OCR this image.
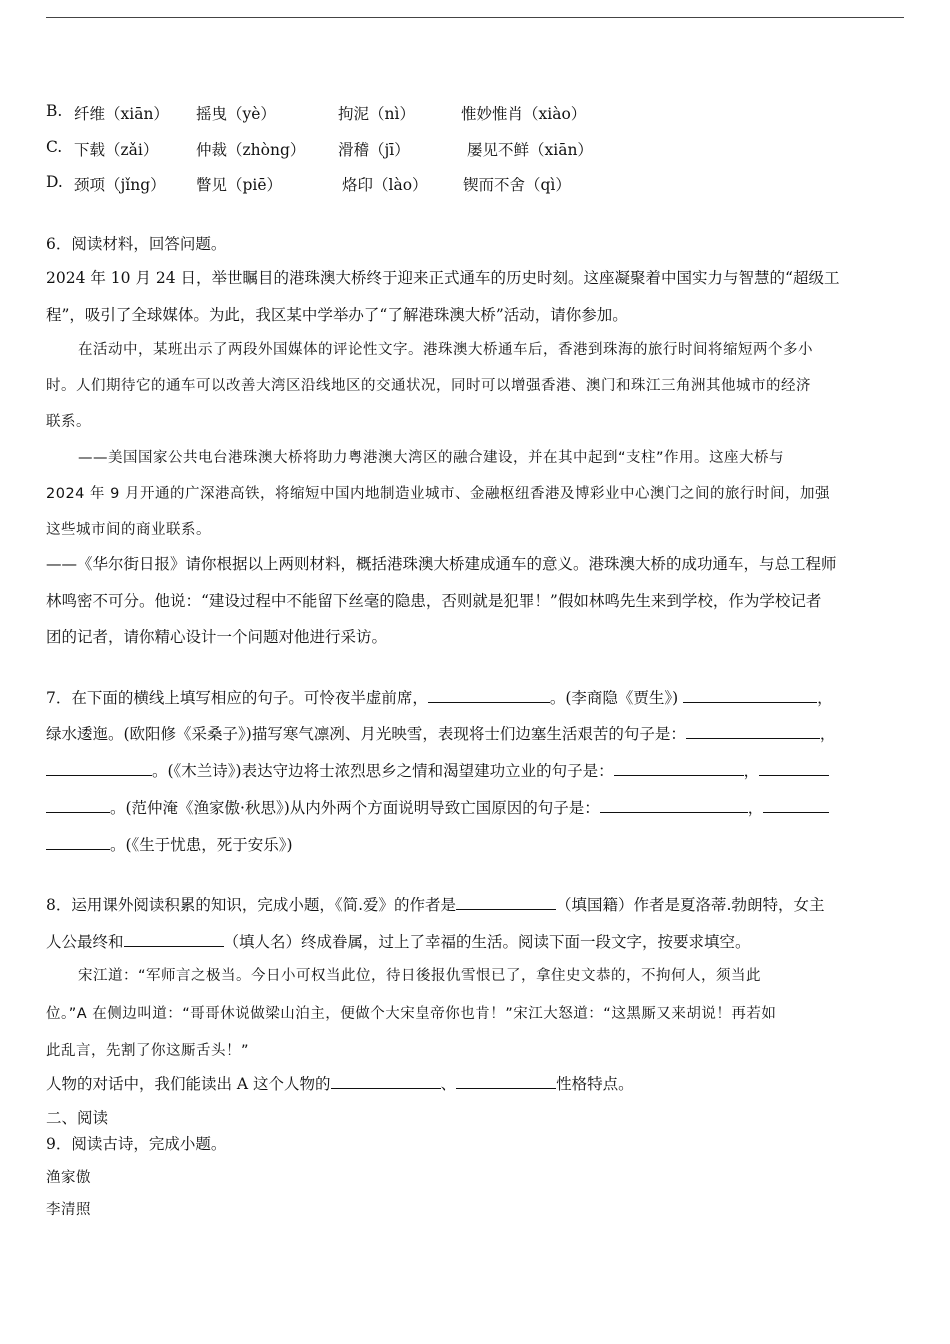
B. 纤维（xiān） 摇曳（yè）	拘泥（nì）	惟妙惟肖（xiào）
C. 下载（zǎi） 仲裁（zhòng） 滑稽（jī）	屡见不鲜（xiān）
D. 颈项（jǐng） 瞥见（piē）	烙印（lào） 锲而不舍（qì）
6．阅读材料，回答问题。
2024 年 10 月 24 日，举世瞩目的港珠澳大桥终于迎来正式通车的历史时刻。这座凝聚着中国实力与智慧的“超级工
程”，吸引了全球媒体。为此，我区某中学举办了“了解港珠澳大桥”活动，请你参加。
在活动中，某班出示了两段外国媒体的评论性文字。港珠澳大桥通车后，香港到珠海的旅行时间将缩短两个多小
时。人们期待它的通车可以改善大湾区沿线地区的交通状况，同时可以增强香港、澳门和珠江三角洲其他城市的经济
联系。
——美国国家公共电台港珠澳大桥将助力粤港澳大湾区的融合建设，并在其中起到“支柱”作用。这座大桥与
2024 年 9 月开通的广深港高铁，将缩短中国内地制造业城市、金融枢纽香港及博彩业中心澳门之间的旅行时间，加强
这些城市间的商业联系。
——《华尔街日报》请你根据以上两则材料，概括港珠澳大桥建成通车的意义。港珠澳大桥的成功通车，与总工程师
林鸣密不可分。他说：“建设过程中不能留下丝毫的隐患，否则就是犯罪！”假如林鸣先生来到学校，作为学校记者
团的记者，请你精心设计一个问题对他进行采访。
7．在下面的横线上填写相应的句子。可怜夜半虚前席，	。(李商隐《贾生》)	，
绿水逶迤。(欧阳修《采桑子》)描写寒气凛冽、月光映雪，表现将士们边塞生活艰苦的句子是：	，
。(《木兰诗》)表达守边将士浓烈思乡之情和渴望建功立业的句子是：	，
。(范仲淹《渔家傲·秋思》)从内外两个方面说明导致亡国原因的句子是：	，
。(《生于忧患，死于安乐》)
8．运用课外阅读积累的知识，完成小题，《简.爱》的作者是	（填国籍）作者是夏洛蒂.勃朗特，女主
人公最终和	（填人名）终成眷属，过上了幸福的生活。阅读下面一段文字，按要求填空。
宋江道：“军师言之极当。今日小可权当此位，待日後报仇雪恨已了，拿住史文恭的，不拘何人，须当此
位。”A 在侧边叫道：“哥哥休说做梁山泊主，便做个大宋皇帝你也肯！”宋江大怒道：“这黑厮又来胡说！再若如
此乱言，先割了你这厮舌头！”
人物的对话中，我们能读出 A 这个人物的	、	性格特点。
二、阅读
9．阅读古诗，完成小题。
渔家傲
李清照
